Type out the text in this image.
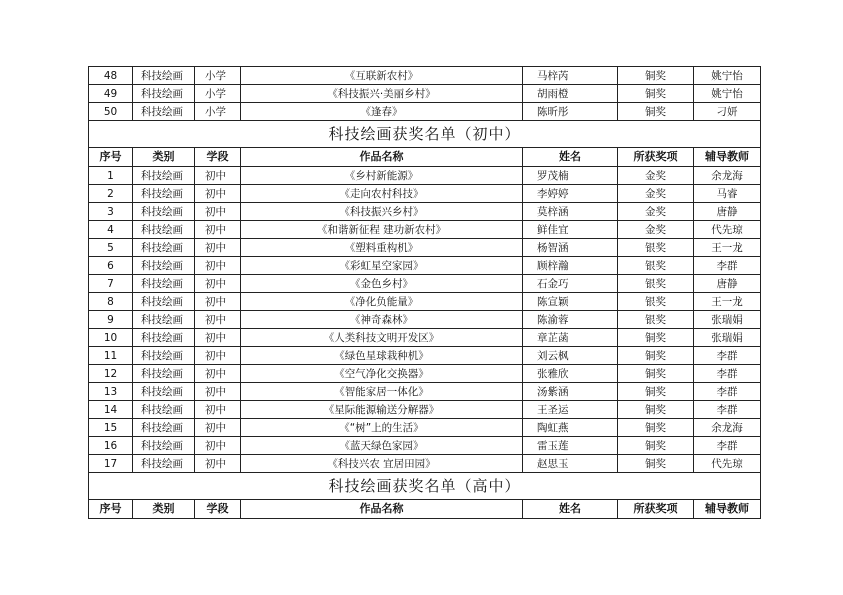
48	科技绘画	小学	《互联新农村》	马梓芮	铜奖	姚宁怡
49	科技绘画	小学	《科技振兴·美丽乡村》	胡雨橙	铜奖	姚宁怡
50	科技绘画	小学	《逢春》	陈昕彤	铜奖	刁妍
科技绘画获奖名单（初中）						
序号	类别	学段	作品名称	姓名	所获奖项	辅导教师
1	科技绘画	初中	《乡村新能源》	罗茂楠	金奖	余龙海
2	科技绘画	初中	《走向农村科技》	李婷婷	金奖	马睿
3	科技绘画	初中	《科技振兴乡村》	莫梓涵	金奖	唐静
4	科技绘画	初中	《和谐新征程 建功新农村》	鲜佳宜	金奖	代先琼
5	科技绘画	初中	《塑料重构机》	杨智涵	银奖	王一龙
6	科技绘画	初中	《彩虹星空家园》	顾梓瀚	银奖	李群
7	科技绘画	初中	《金色乡村》	石金巧	银奖	唐静
8	科技绘画	初中	《净化负能量》	陈宣颖	银奖	王一龙
9	科技绘画	初中	《神奇森林》	陈渝蓉	银奖	张瑞娟
10	科技绘画	初中	《人类科技文明开发区》	章芷菡	铜奖	张瑞娟
11	科技绘画	初中	《绿色星球栽种机》	刘云枫	铜奖	李群
12	科技绘画	初中	《空气净化交换器》	张雅欣	铜奖	李群
13	科技绘画	初中	《智能家居一体化》	汤紫涵	铜奖	李群
14	科技绘画	初中	《星际能源输送分解器》	王圣运	铜奖	李群
15	科技绘画	初中	《“树”上的生活》	陶虹燕	铜奖	余龙海
16	科技绘画	初中	《蓝天绿色家园》	雷玉莲	铜奖	李群
17	科技绘画	初中	《科技兴农 宜居田园》	赵思玉	铜奖	代先琼
科技绘画获奖名单（高中）						
序号	类别	学段	作品名称	姓名	所获奖项	辅导教师
